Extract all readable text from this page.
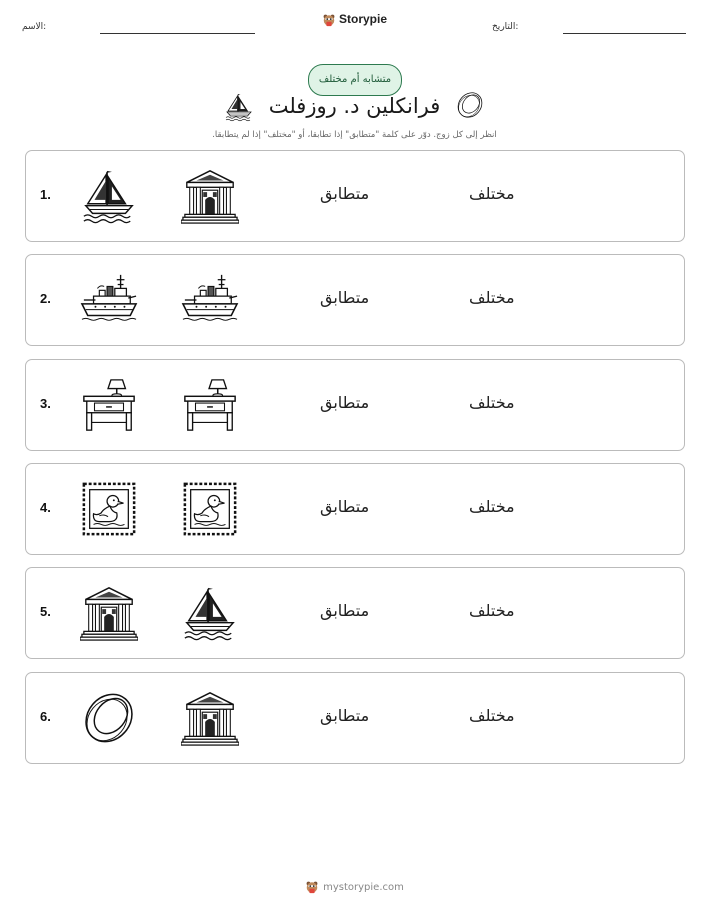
الاسم:
Storypie
التاريخ:
متشابه أم مختلف
فرانكلين د. روزفلت
انظر إلى كل زوج. دوّر على كلمة "متطابق" إذا تطابقا، أو "مختلف" إذا لم يتطابقا.
1.	متطابق	مختلف
2.	متطابق	مختلف
3.	متطابق	مختلف
4.	متطابق	مختلف
5.	متطابق	مختلف
6.	متطابق	مختلف
mystorypie.com
